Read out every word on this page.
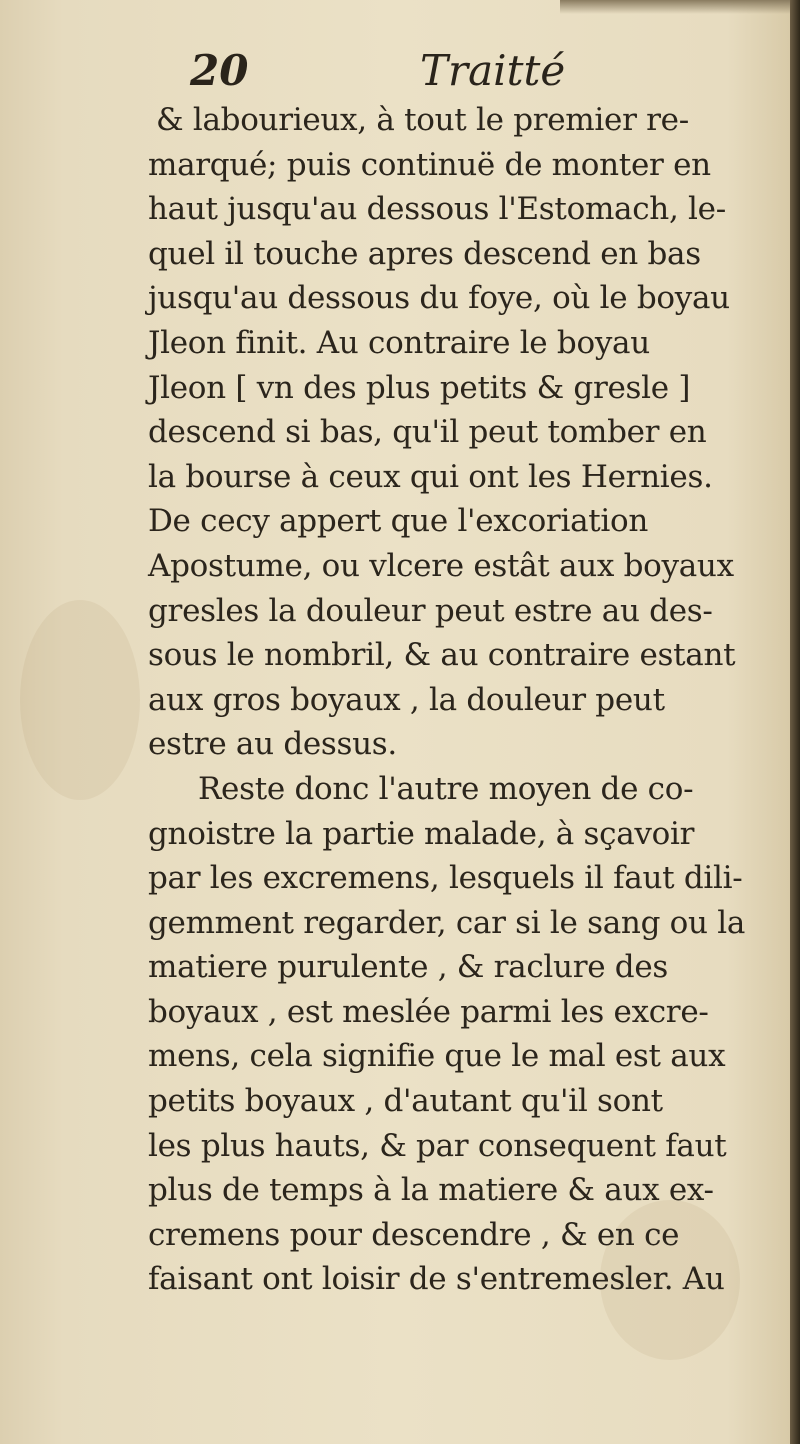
20	Traitté
& labourieux, à tout le premier re-
marqué; puis continuë de monter en
haut jusqu'au dessous l'Estomach, le-
quel il touche apres descend en bas
jusqu'au dessous du foye, où le boyau
Jleon finit. Au contraire le boyau
Jleon [ vn des plus petits & gresle ]
descend si bas, qu'il peut tomber en
la bourse à ceux qui ont les Hernies.
De cecy appert que l'excoriation
Apostume, ou vlcere estât aux boyaux
gresles la douleur peut estre au des-
sous le nombril, & au contraire estant
aux gros boyaux , la douleur peut
estre au dessus.
Reste donc l'autre moyen de co-
gnoistre la partie malade, à sçavoir
par les excremens, lesquels il faut dili-
gemment regarder, car si le sang ou la
matiere purulente , & raclure des
boyaux , est meslée parmi les excre-
mens, cela signifie que le mal est aux
petits boyaux , d'autant qu'il sont
les plus hauts, & par consequent faut
plus de temps à la matiere & aux ex-
cremens pour descendre , & en ce
faisant ont loisir de s'entremesler. Au
